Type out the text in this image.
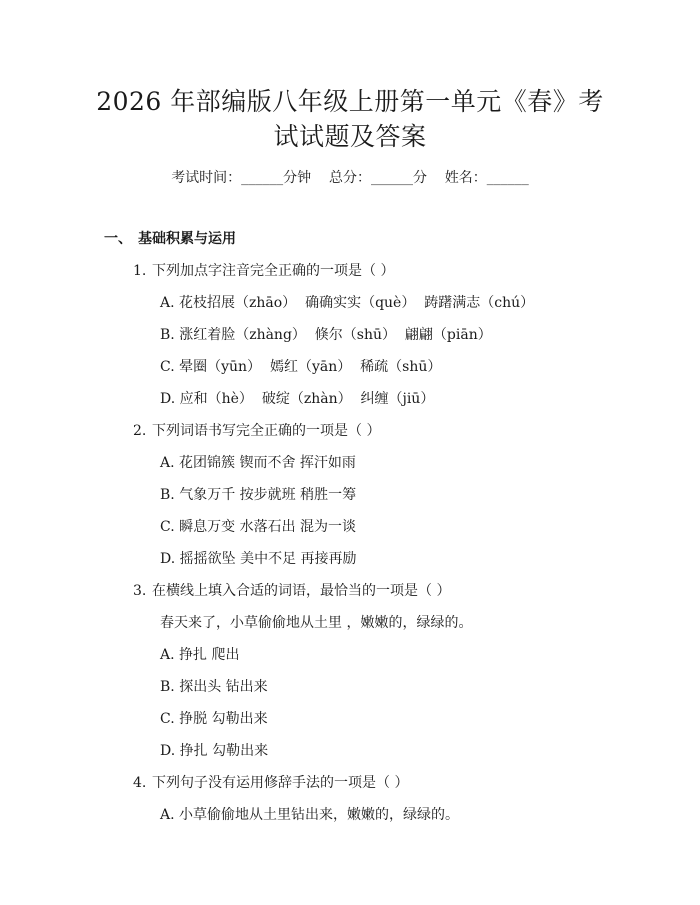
2026 年部编版八年级上册第一单元《春》考
试试题及答案
考试时间：______分钟    总分：______分    姓名：______
一、 基础积累与运用
1. 下列加点字注音完全正确的一项是（ ）
A. 花枝招展（zhāo）  确确实实（què）  踌躇满志（chú）
B. 涨红着脸（zhàng）  倏尔（shū）  翩翩（piān）
C. 晕圈（yūn）  嫣红（yān）  稀疏（shū）
D. 应和（hè）  破绽（zhàn）  纠缠（jiū）
2. 下列词语书写完全正确的一项是（ ）
A. 花团锦簇 锲而不舍 挥汗如雨
B. 气象万千 按步就班 稍胜一筹
C. 瞬息万变 水落石出 混为一谈
D. 摇摇欲坠 美中不足 再接再励
3. 在横线上填入合适的词语，最恰当的一项是（ ）
春天来了，小草偷偷地从土里 ，嫩嫩的，绿绿的。
A. 挣扎 爬出
B. 探出头 钻出来
C. 挣脱 勾勒出来
D. 挣扎 勾勒出来
4. 下列句子没有运用修辞手法的一项是（ ）
A. 小草偷偷地从土里钻出来，嫩嫩的，绿绿的。
